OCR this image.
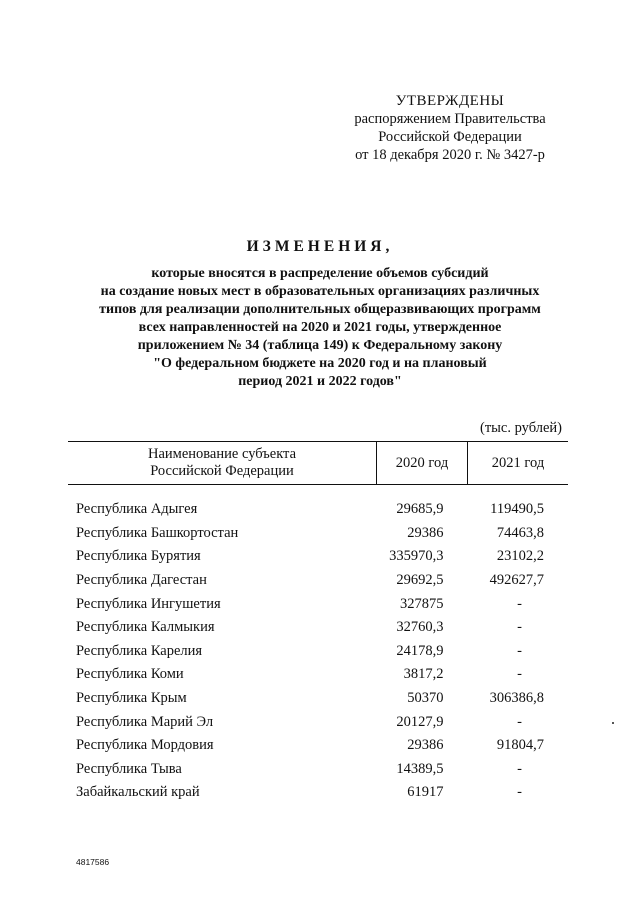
УТВЕРЖДЕНЫ
распоряжением Правительства
Российской Федерации
от 18 декабря 2020 г. № 3427-р
ИЗМЕНЕНИЯ,
которые вносятся в распределение объемов субсидий
на создание новых мест в образовательных организациях различных
типов для реализации дополнительных общеразвивающих программ
всех направленностей на 2020 и 2021 годы, утвержденное
приложением № 34 (таблица 149) к Федеральному закону
"О федеральном бюджете на 2020 год и на плановый
период 2021 и 2022 годов"
(тыс. рублей)
Наименование субъекта
Российской Федерации	2020 год	2021 год

Республика Адыгея	29685,9	119490,5
Республика Башкортостан	29386	74463,8
Республика Бурятия	335970,3	23102,2
Республика Дагестан	29692,5	492627,7
Республика Ингушетия	327875	-
Республика Калмыкия	32760,3	-
Республика Карелия	24178,9	-
Республика Коми	3817,2	-
Республика Крым	50370	306386,8
Республика Марий Эл	20127,9	-
Республика Мордовия	29386	91804,7
Республика Тыва	14389,5	-
Забайкальский край	61917	-
4817586
